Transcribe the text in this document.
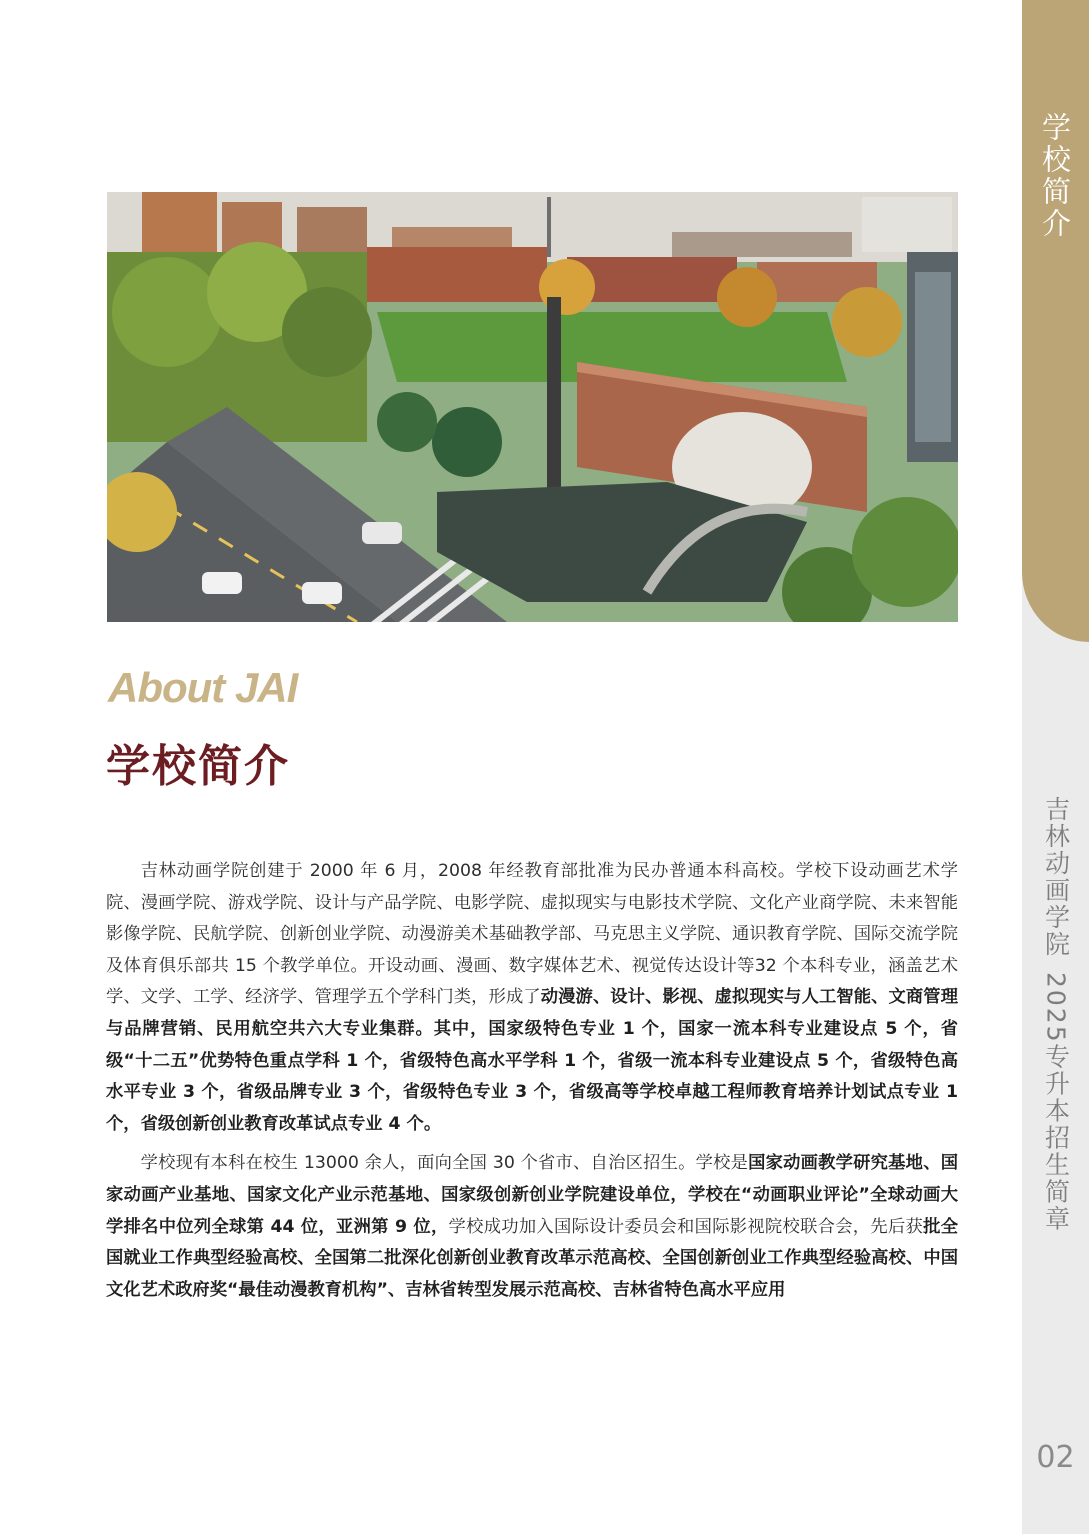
学校简介
吉林动画学院2025专升本招生简章
02
About JAI
学校简介

吉林动画学院创建于 2000 年 6 月，2008 年经教育部批准为民办普通本科高校。学校下设动画艺术学院、漫画学院、游戏学院、设计与产品学院、电影学院、虚拟现实与电影技术学院、文化产业商学院、未来智能影像学院、民航学院、创新创业学院、动漫游美术基础教学部、马克思主义学院、通识教育学院、国际交流学院及体育俱乐部共 15 个教学单位。开设动画、漫画、数字媒体艺术、视觉传达设计等32 个本科专业，涵盖艺术学、文学、工学、经济学、管理学五个学科门类，形成了动漫游、设计、影视、虚拟现实与人工智能、文商管理与品牌营销、民用航空共六大专业集群。其中，国家级特色专业 1 个，国家一流本科专业建设点 5 个，省级“十二五”优势特色重点学科 1 个，省级特色高水平学科 1 个，省级一流本科专业建设点 5 个，省级特色高水平专业 3 个，省级品牌专业 3 个，省级特色专业 3 个，省级高等学校卓越工程师教育培养计划试点专业 1 个，省级创新创业教育改革试点专业 4 个。

学校现有本科在校生 13000 余人，面向全国 30 个省市、自治区招生。学校是国家动画教学研究基地、国家动画产业基地、国家文化产业示范基地、国家级创新创业学院建设单位，学校在“动画职业评论”全球动画大学排名中位列全球第 44 位，亚洲第 9 位，学校成功加入国际设计委员会和国际影视院校联合会，先后获批全国就业工作典型经验高校、全国第二批深化创新创业教育改革示范高校、全国创新创业工作典型经验高校、中国文化艺术政府奖“最佳动漫教育机构”、吉林省转型发展示范高校、吉林省特色高水平应用
